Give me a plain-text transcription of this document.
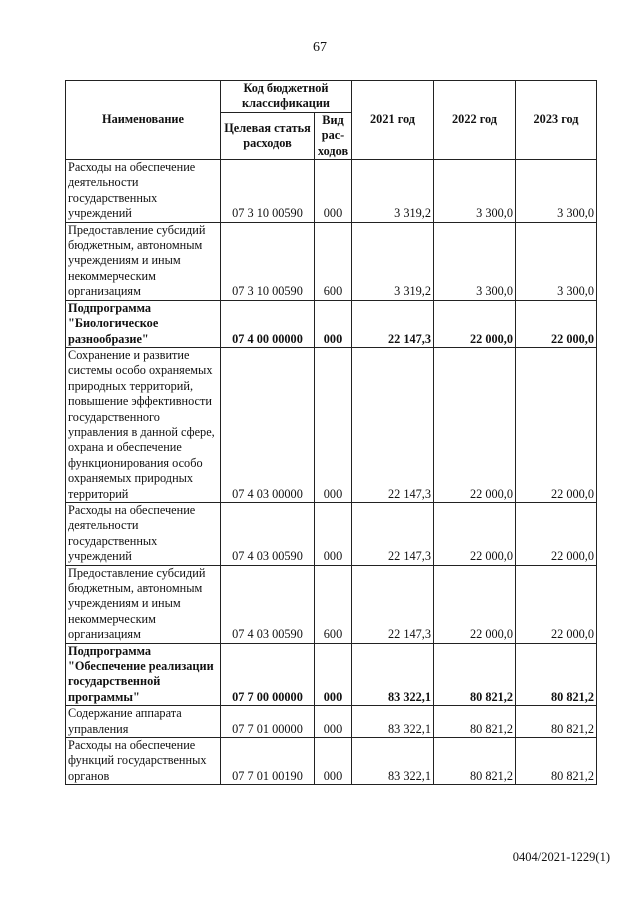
67
Наименование	Код бюджетной классификации		2021 год	2022 год	2023 год
	Целевая статья расходов	Вид рас-ходов			
Расходы на обеспечение деятельности государственных учреждений	07 3 10 00590	000	3 319,2	3 300,0	3 300,0
Предоставление субсидий бюджетным, автономным учреждениям и иным некоммерческим организациям	07 3 10 00590	600	3 319,2	3 300,0	3 300,0
Подпрограмма "Биологическое разнообразие"	07 4 00 00000	000	22 147,3	22 000,0	22 000,0
Сохранение и развитие системы особо охраняемых природных территорий, повышение эффективности государственного управления в данной сфере, охрана и обеспечение функционирования особо охраняемых природных территорий	07 4 03 00000	000	22 147,3	22 000,0	22 000,0
Расходы на обеспечение деятельности государственных учреждений	07 4 03 00590	000	22 147,3	22 000,0	22 000,0
Предоставление субсидий бюджетным, автономным учреждениям и иным некоммерческим организациям	07 4 03 00590	600	22 147,3	22 000,0	22 000,0
Подпрограмма "Обеспечение реализации государственной программы"	07 7 00 00000	000	83 322,1	80 821,2	80 821,2
Содержание аппарата управления	07 7 01 00000	000	83 322,1	80 821,2	80 821,2
Расходы на обеспечение функций государственных органов	07 7 01 00190	000	83 322,1	80 821,2	80 821,2
0404/2021-1229(1)
